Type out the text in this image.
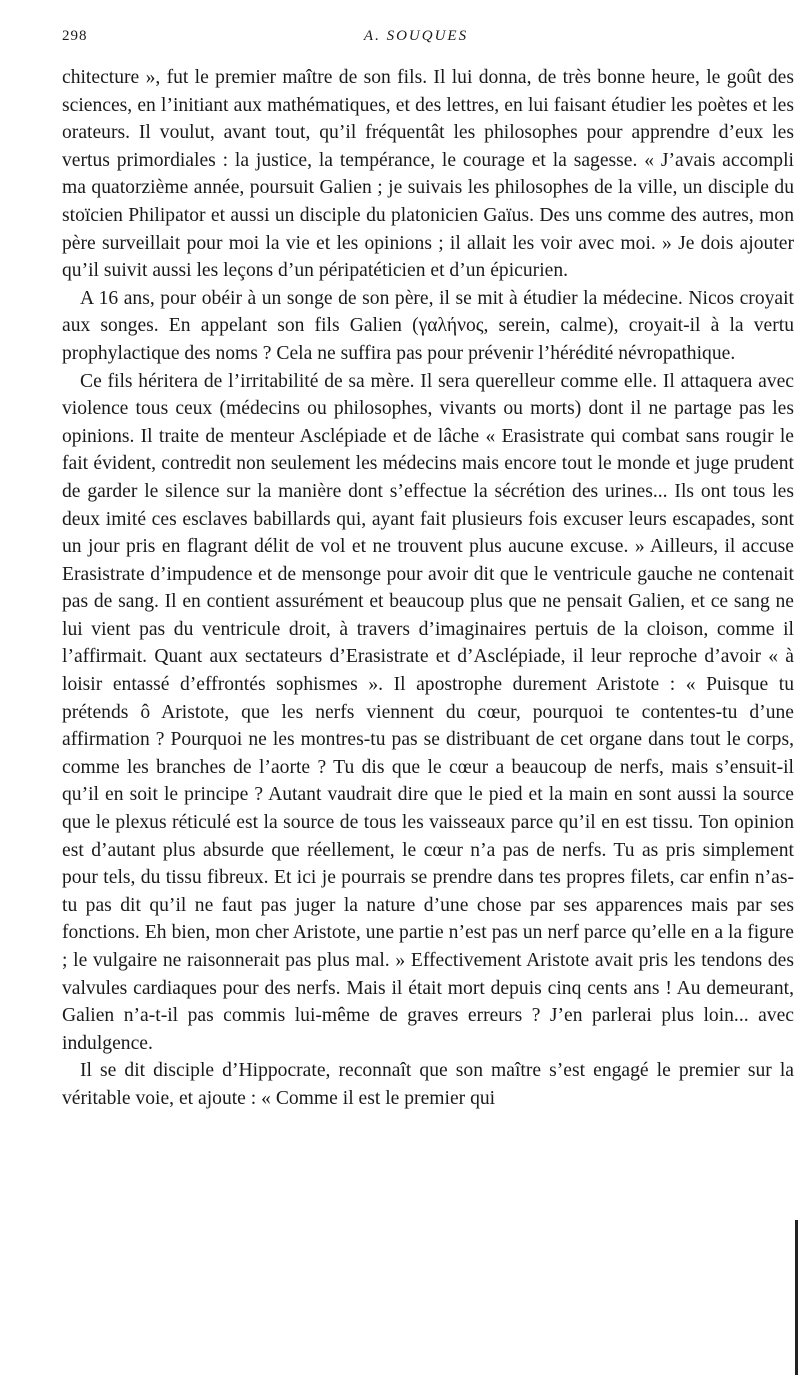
298	A. SOUQUES

chitecture », fut le premier maître de son fils. Il lui donna, de très bonne heure, le goût des sciences, en l’initiant aux mathématiques, et des lettres, en lui faisant étudier les poètes et les orateurs. Il voulut, avant tout, qu’il fréquentât les philosophes pour apprendre d’eux les vertus primordiales : la justice, la tempérance, le courage et la sagesse. « J’avais accompli ma quatorzième année, poursuit Galien ; je suivais les philosophes de la ville, un disciple du stoïcien Philipator et aussi un disciple du platonicien Gaïus. Des uns comme des autres, mon père surveillait pour moi la vie et les opinions ; il allait les voir avec moi. » Je dois ajouter qu’il suivit aussi les leçons d’un péripatéticien et d’un épicurien.

A 16 ans, pour obéir à un songe de son père, il se mit à étudier la médecine. Nicos croyait aux songes. En appelant son fils Galien (γαλήνος, serein, calme), croyait-il à la vertu prophylactique des noms ? Cela ne suffira pas pour prévenir l’hérédité névropathique.

Ce fils héritera de l’irritabilité de sa mère. Il sera querelleur comme elle. Il attaquera avec violence tous ceux (médecins ou philosophes, vivants ou morts) dont il ne partage pas les opinions. Il traite de menteur Asclépiade et de lâche « Erasistrate qui combat sans rougir le fait évident, contredit non seulement les médecins mais encore tout le monde et juge prudent de garder le silence sur la manière dont s’effectue la sécrétion des urines... Ils ont tous les deux imité ces esclaves babillards qui, ayant fait plusieurs fois excuser leurs escapades, sont un jour pris en flagrant délit de vol et ne trouvent plus aucune excuse. » Ailleurs, il accuse Erasistrate d’impudence et de mensonge pour avoir dit que le ventricule gauche ne contenait pas de sang. Il en contient assurément et beaucoup plus que ne pensait Galien, et ce sang ne lui vient pas du ventricule droit, à travers d’imaginaires pertuis de la cloison, comme il l’affirmait. Quant aux sectateurs d’Erasistrate et d’Asclépiade, il leur reproche d’avoir « à loisir entassé d’effrontés sophismes ». Il apostrophe durement Aristote : « Puisque tu prétends ô Aristote, que les nerfs viennent du cœur, pourquoi te contentes-tu d’une affirmation ? Pourquoi ne les montres-tu pas se distribuant de cet organe dans tout le corps, comme les branches de l’aorte ? Tu dis que le cœur a beaucoup de nerfs, mais s’ensuit-il qu’il en soit le principe ? Autant vaudrait dire que le pied et la main en sont aussi la source que le plexus réticulé est la source de tous les vaisseaux parce qu’il en est tissu. Ton opinion est d’autant plus absurde que réellement, le cœur n’a pas de nerfs. Tu as pris simplement pour tels, du tissu fibreux. Et ici je pourrais se prendre dans tes propres filets, car enfin n’as-tu pas dit qu’il ne faut pas juger la nature d’une chose par ses apparences mais par ses fonctions. Eh bien, mon cher Aristote, une partie n’est pas un nerf parce qu’elle en a la figure ; le vulgaire ne raisonnerait pas plus mal. » Effectivement Aristote avait pris les tendons des valvules cardiaques pour des nerfs. Mais il était mort depuis cinq cents ans ! Au demeurant, Galien n’a-t-il pas commis lui-même de graves erreurs ? J’en parlerai plus loin... avec indulgence.

Il se dit disciple d’Hippocrate, reconnaît que son maître s’est engagé le premier sur la véritable voie, et ajoute : « Comme il est le premier qui
